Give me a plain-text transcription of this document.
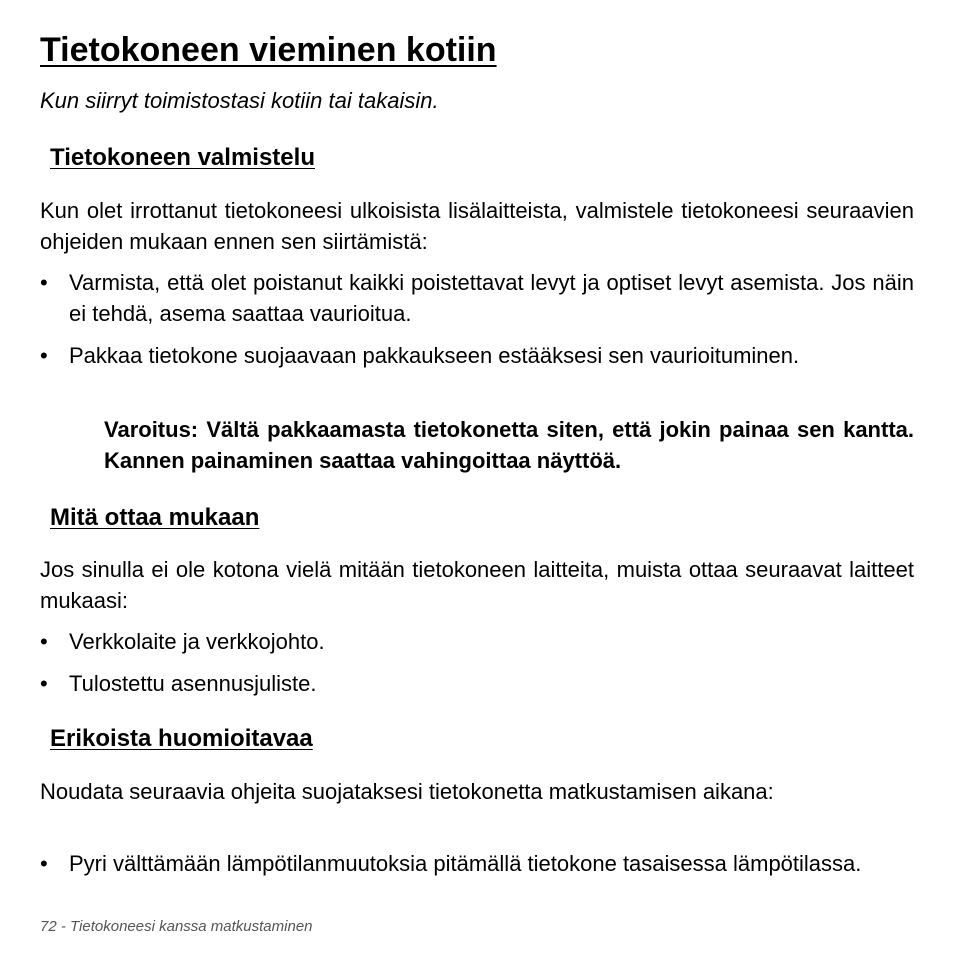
Tietokoneen vieminen kotiin

Kun siirryt toimistostasi kotiin tai takaisin.

Tietokoneen valmistelu

Kun olet irrottanut tietokoneesi ulkoisista lisälaitteista, valmistele tietokoneesi seuraavien ohjeiden mukaan ennen sen siirtämistä:

• Varmista, että olet poistanut kaikki poistettavat levyt ja optiset levyt asemista. Jos näin ei tehdä, asema saattaa vaurioitua.
• Pakkaa tietokone suojaavaan pakkaukseen estääksesi sen vaurioituminen.

Varoitus: Vältä pakkaamasta tietokonetta siten, että jokin painaa sen kantta. Kannen painaminen saattaa vahingoittaa näyttöä.

Mitä ottaa mukaan

Jos sinulla ei ole kotona vielä mitään tietokoneen laitteita, muista ottaa seuraavat laitteet mukaasi:

• Verkkolaite ja verkkojohto.
• Tulostettu asennusjuliste.
Erikoista huomioitavaa

Noudata seuraavia ohjeita suojataksesi tietokonetta matkustamisen aikana:

• Pyri välttämään lämpötilanmuutoksia pitämällä tietokone tasaisessa lämpötilassa.

72 - Tietokoneesi kanssa matkustaminen
